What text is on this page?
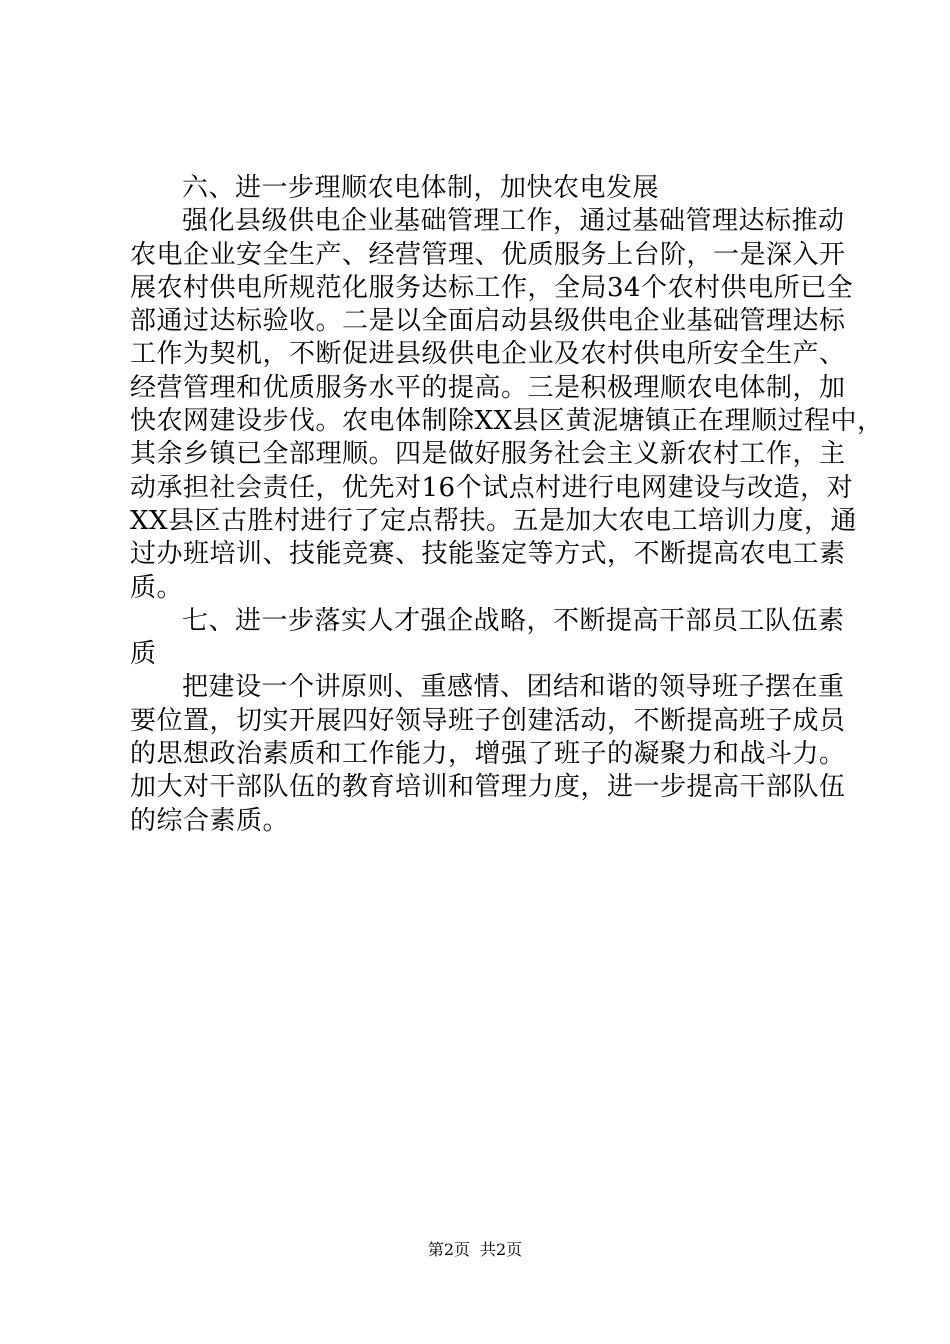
六、进一步理顺农电体制，加快农电发展
强化县级供电企业基础管理工作，通过基础管理达标推动
农电企业安全生产、经营管理、优质服务上台阶，一是深入开
展农村供电所规范化服务达标工作，全局34个农村供电所已全
部通过达标验收。二是以全面启动县级供电企业基础管理达标
工作为契机，不断促进县级供电企业及农村供电所安全生产、
经营管理和优质服务水平的提高。三是积极理顺农电体制，加
快农网建设步伐。农电体制除XX县区黄泥塘镇正在理顺过程中，
其余乡镇已全部理顺。四是做好服务社会主义新农村工作，主
动承担社会责任，优先对16个试点村进行电网建设与改造，对
XX县区古胜村进行了定点帮扶。五是加大农电工培训力度，通
过办班培训、技能竞赛、技能鉴定等方式，不断提高农电工素
质。
七、进一步落实人才强企战略，不断提高干部员工队伍素
质
把建设一个讲原则、重感情、团结和谐的领导班子摆在重
要位置，切实开展四好领导班子创建活动，不断提高班子成员
的思想政治素质和工作能力，增强了班子的凝聚力和战斗力。
加大对干部队伍的教育培训和管理力度，进一步提高干部队伍
的综合素质。
第2页 共2页
